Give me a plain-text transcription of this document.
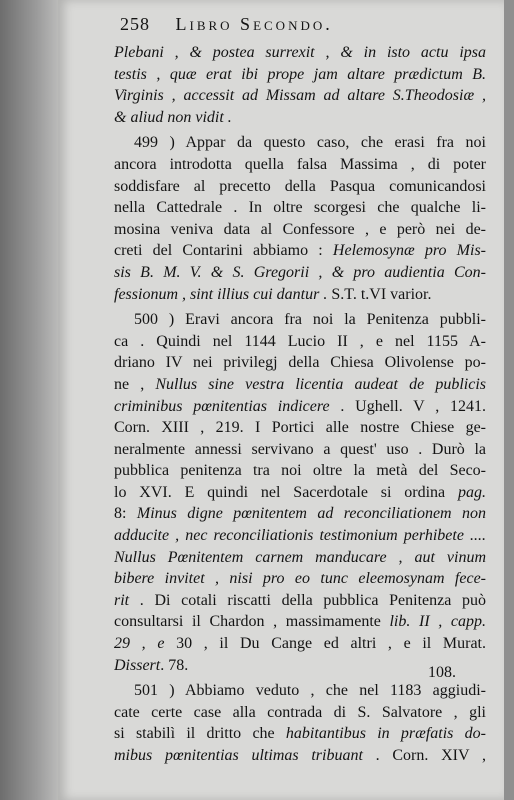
258 Libro Secondo.
Plebani , & postea surrexit , & in isto actu ipsa
testis , quæ erat ibi prope jam altare prædictum B.
Virginis , accessit ad Missam ad altare S.Theodosiæ ,
& aliud non vidit .
499 ) Appar da questo caso, che erasi fra noi
ancora introdotta quella falsa Massima , di poter
soddisfare al precetto della Pasqua comunicandosi
nella Cattedrale . In oltre scorgesi che qualche li-
mosina veniva data al Confessore , e però nei de-
creti del Contarini abbiamo : Helemosynæ pro Mis-
sis B. M. V. & S. Gregorii , & pro audientia Con-
fessionum , sint illius cui dantur . S.T. t.VI varior.
500 ) Eravi ancora fra noi la Penitenza pubbli-
ca . Quindi nel 1144 Lucio II , e nel 1155 A-
driano IV nei privilegj della Chiesa Olivolense po-
ne , Nullus sine vestra licentia audeat de publicis
criminibus pœnitentias indicere . Ughell. V , 1241.
Corn. XIII , 219. I Portici alle nostre Chiese ge-
neralmente annessi servivano a quest' uso . Durò la
pubblica penitenza tra noi oltre la metà del Seco-
lo XVI. E quindi nel Sacerdotale si ordina pag.
8: Minus digne pœnitentem ad reconciliationem non
adducite , nec reconciliationis testimonium perhibete ....
Nullus Pœnitentem carnem manducare , aut vinum
bibere invitet , nisi pro eo tunc eleemosynam fece-
rit . Di cotali riscatti della pubblica Penitenza può
consultarsi il Chardon , massimamente lib. II , capp.
29 , e 30 , il Du Cange ed altri , e il Murat.
Dissert. 78.
501 ) Abbiamo veduto , che nel 1183 aggiudi-
cate certe case alla contrada di S. Salvatore , gli
si stabilì il dritto che habitantibus in præfatis do-
mibus pœnitentias ultimas tribuant . Corn. XIV ,
108.
